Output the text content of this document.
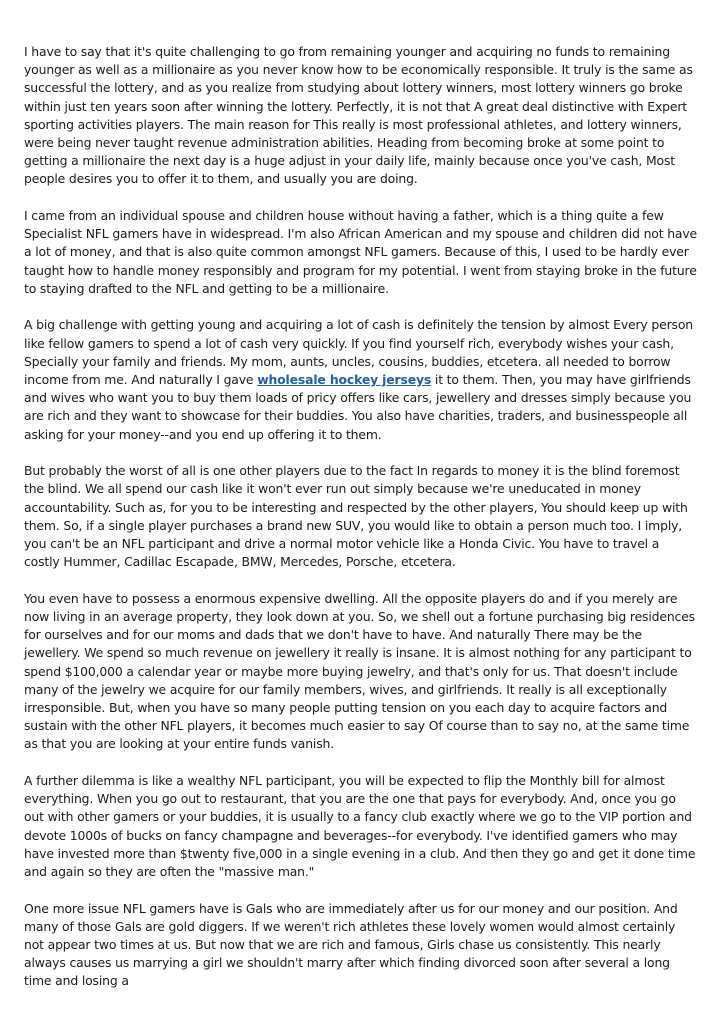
I have to say that it's quite challenging to go from remaining younger and acquiring no funds to remaining younger as well as a millionaire as you never know how to be economically responsible. It truly is the same as successful the lottery, and as you realize from studying about lottery winners, most lottery winners go broke within just ten years soon after winning the lottery. Perfectly, it is not that A great deal distinctive with Expert sporting activities players. The main reason for This really is most professional athletes, and lottery winners, were being never taught revenue administration abilities. Heading from becoming broke at some point to getting a millionaire the next day is a huge adjust in your daily life, mainly because once you've cash, Most people desires you to offer it to them, and usually you are doing.

I came from an individual spouse and children house without having a father, which is a thing quite a few Specialist NFL gamers have in widespread. I'm also African American and my spouse and children did not have a lot of money, and that is also quite common amongst NFL gamers. Because of this, I used to be hardly ever taught how to handle money responsibly and program for my potential. I went from staying broke in the future to staying drafted to the NFL and getting to be a millionaire.

A big challenge with getting young and acquiring a lot of cash is definitely the tension by almost Every person like fellow gamers to spend a lot of cash very quickly. If you find yourself rich, everybody wishes your cash, Specially your family and friends. My mom, aunts, uncles, cousins, buddies, etcetera. all needed to borrow income from me. And naturally I gave wholesale hockey jerseys it to them. Then, you may have girlfriends and wives who want you to buy them loads of pricy offers like cars, jewellery and dresses simply because you are rich and they want to showcase for their buddies. You also have charities, traders, and businesspeople all asking for your money--and you end up offering it to them.

But probably the worst of all is one other players due to the fact In regards to money it is the blind foremost the blind. We all spend our cash like it won't ever run out simply because we're uneducated in money accountability. Such as, for you to be interesting and respected by the other players, You should keep up with them. So, if a single player purchases a brand new SUV, you would like to obtain a person much too. I imply, you can't be an NFL participant and drive a normal motor vehicle like a Honda Civic. You have to travel a costly Hummer, Cadillac Escapade, BMW, Mercedes, Porsche, etcetera.

You even have to possess a enormous expensive dwelling. All the opposite players do and if you merely are now living in an average property, they look down at you. So, we shell out a fortune purchasing big residences for ourselves and for our moms and dads that we don't have to have. And naturally There may be the jewellery. We spend so much revenue on jewellery it really is insane. It is almost nothing for any participant to spend $100,000 a calendar year or maybe more buying jewelry, and that's only for us. That doesn't include many of the jewelry we acquire for our family members, wives, and girlfriends. It really is all exceptionally irresponsible. But, when you have so many people putting tension on you each day to acquire factors and sustain with the other NFL players, it becomes much easier to say Of course than to say no, at the same time as that you are looking at your entire funds vanish.

A further dilemma is like a wealthy NFL participant, you will be expected to flip the Monthly bill for almost everything. When you go out to restaurant, that you are the one that pays for everybody. And, once you go out with other gamers or your buddies, it is usually to a fancy club exactly where we go to the VIP portion and devote 1000s of bucks on fancy champagne and beverages--for everybody. I've identified gamers who may have invested more than $twenty five,000 in a single evening in a club. And then they go and get it done time and again so they are often the "massive man."

One more issue NFL gamers have is Gals who are immediately after us for our money and our position. And many of those Gals are gold diggers. If we weren't rich athletes these lovely women would almost certainly not appear two times at us. But now that we are rich and famous, Girls chase us consistently. This nearly always causes us marrying a girl we shouldn't marry after which finding divorced soon after several a long time and losing a
